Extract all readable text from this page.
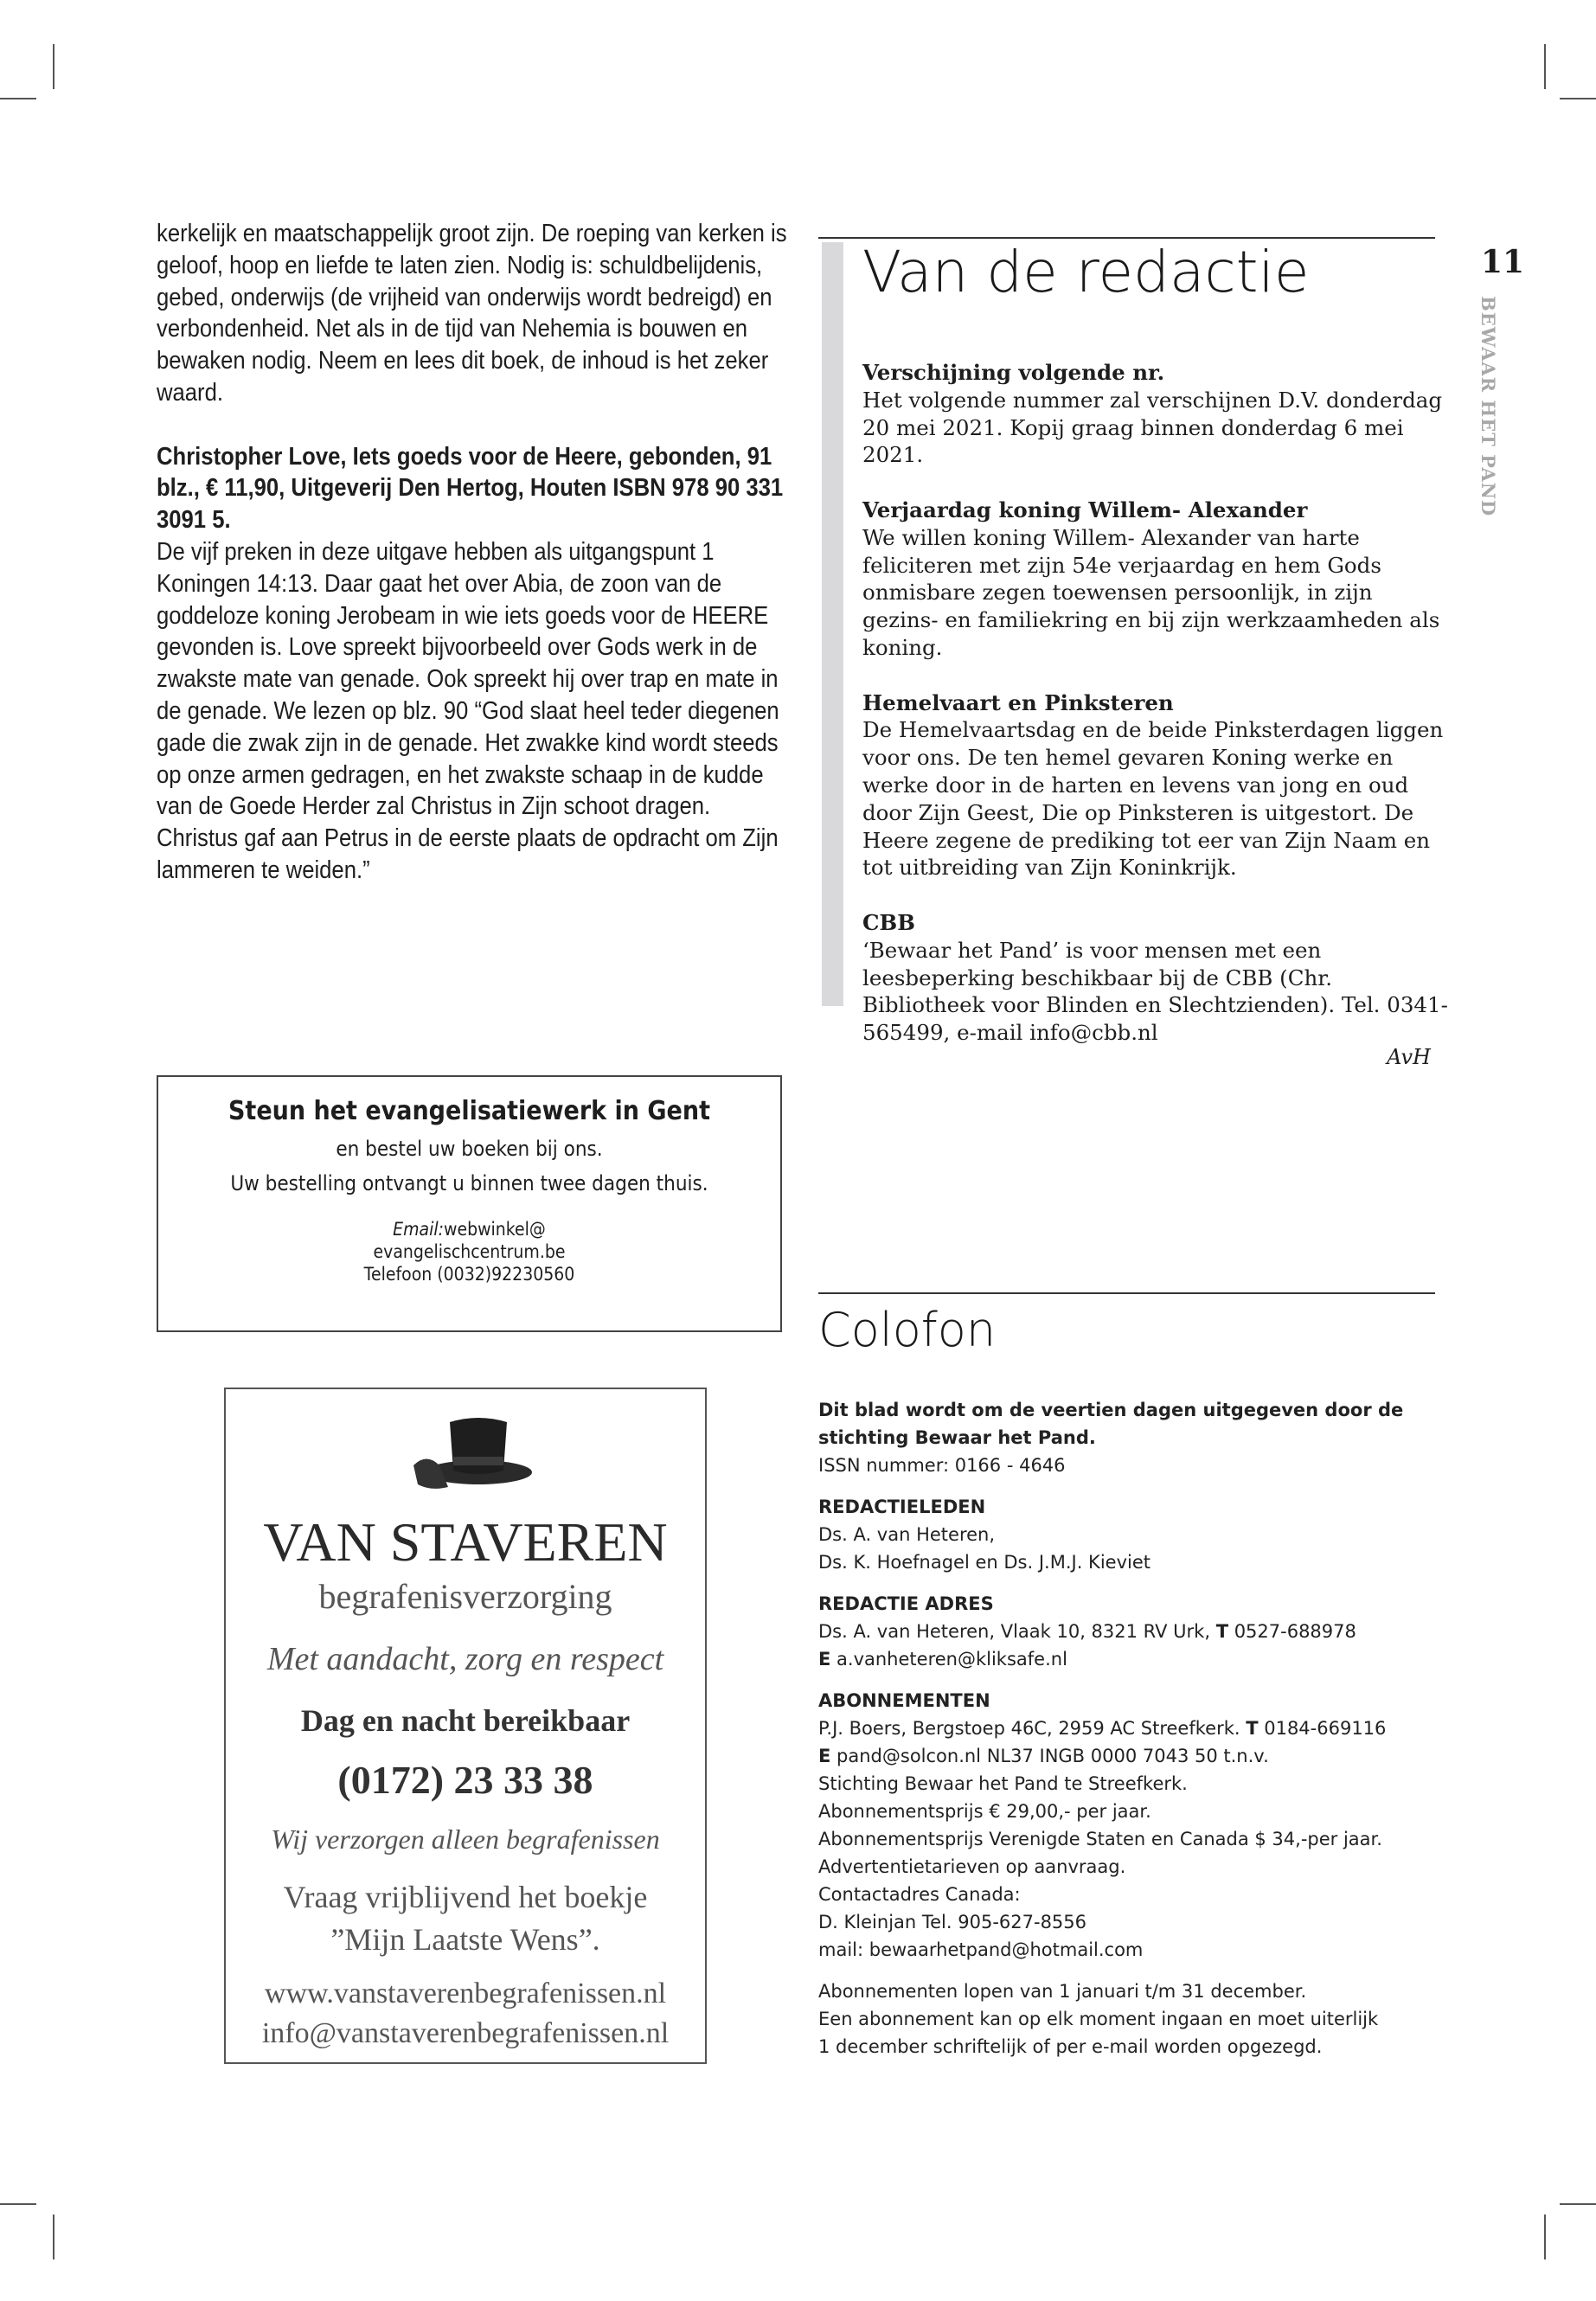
kerkelijk en maatschappelijk groot zijn. De roeping van kerken is geloof, hoop en liefde te laten zien. Nodig is: schuldbelijdenis, gebed, onderwijs (de vrijheid van onderwijs wordt bedreigd) en verbondenheid. Net als in de tijd van Nehemia is bouwen en bewaken nodig. Neem en lees dit boek, de inhoud is het zeker waard.

Christopher Love, Iets goeds voor de Heere, gebonden, 91 blz., € 11,90, Uitgeverij Den Hertog, Houten ISBN 978 90 331 3091 5.

De vijf preken in deze uitgave hebben als uitgangspunt 1 Koningen 14:13. Daar gaat het over Abia, de zoon van de goddeloze koning Jerobeam in wie iets goeds voor de HEERE gevonden is. Love spreekt bijvoorbeeld over Gods werk in de zwakste mate van genade. Ook spreekt hij over trap en mate in de genade. We lezen op blz. 90 “God slaat heel teder diegenen gade die zwak zijn in de genade. Het zwakke kind wordt steeds op onze armen gedragen, en het zwakste schaap in de kudde van de Goede Herder zal Christus in Zijn schoot dragen. Christus gaf aan Petrus in de eerste plaats de opdracht om Zijn lammeren te weiden.”

Van de redactie	11
BEWAAR HET PAND
Verschijning volgende nr.

Het volgende nummer zal verschijnen D.V. donderdag 20 mei 2021. Kopij graag binnen donderdag 6 mei 2021.

Verjaardag koning Willem- Alexander

We willen koning Willem- Alexander van harte feliciteren met zijn 54e verjaardag en hem Gods onmisbare zegen toewensen persoonlijk, in zijn gezins- en familiekring en bij zijn werkzaamheden als koning.

Hemelvaart en Pinksteren

De Hemelvaartsdag en de beide Pinksterdagen liggen voor ons. De ten hemel gevaren Koning werke en werke door in de harten en levens van jong en oud door Zijn Geest, Die op Pinksteren is uitgestort. De Heere zegene de prediking tot eer van Zijn Naam en tot uitbreiding van Zijn Koninkrijk.

CBB

‘Bewaar het Pand’ is voor mensen met een leesbeperking beschikbaar bij de CBB (Chr. Bibliotheek voor Blinden en Slechtzienden). Tel. 0341- 565499, e-mail info@cbb.nl

AvH
Steun het evangelisatiewerk in Gent
en bestel uw boeken bij ons.
Uw bestelling ontvangt u binnen twee dagen thuis.
Email:webwinkel@
evangelischcentrum.be
Telefoon (0032)92230560
VAN STAVEREN
begrafenisverzorging
Met aandacht, zorg en respect
Dag en nacht bereikbaar
(0172) 23 33 38
Wij verzorgen alleen begrafenissen
Vraag vrijblijvend het boekje
”Mijn Laatste Wens”.
www.vanstaverenbegrafenissen.nl
info@vanstaverenbegrafenissen.nl
Colofon
Dit blad wordt om de veertien dagen uitgegeven door de stichting Bewaar het Pand.
ISSN nummer: 0166 - 4646
REDACTIELEDEN
Ds. A. van Heteren,
Ds. K. Hoefnagel en Ds. J.M.J. Kieviet
REDACTIE ADRES
Ds. A. van Heteren, Vlaak 10, 8321 RV Urk, T 0527-688978
E a.vanheteren@kliksafe.nl
ABONNEMENTEN
P.J. Boers, Bergstoep 46C, 2959 AC Streefkerk. T 0184-669116
E pand@solcon.nl NL37 INGB 0000 7043 50 t.n.v.
Stichting Bewaar het Pand te Streefkerk.
Abonnementsprijs € 29,00,- per jaar.
Abonnementsprijs Verenigde Staten en Canada $ 34,-per jaar.
Advertentietarieven op aanvraag.
Contactadres Canada:
D. Kleinjan Tel. 905-627-8556
mail: bewaarhetpand@hotmail.com
Abonnementen lopen van 1 januari t/m 31 december.
Een abonnement kan op elk moment ingaan en moet uiterlijk
1 december schriftelijk of per e-mail worden opgezegd.
